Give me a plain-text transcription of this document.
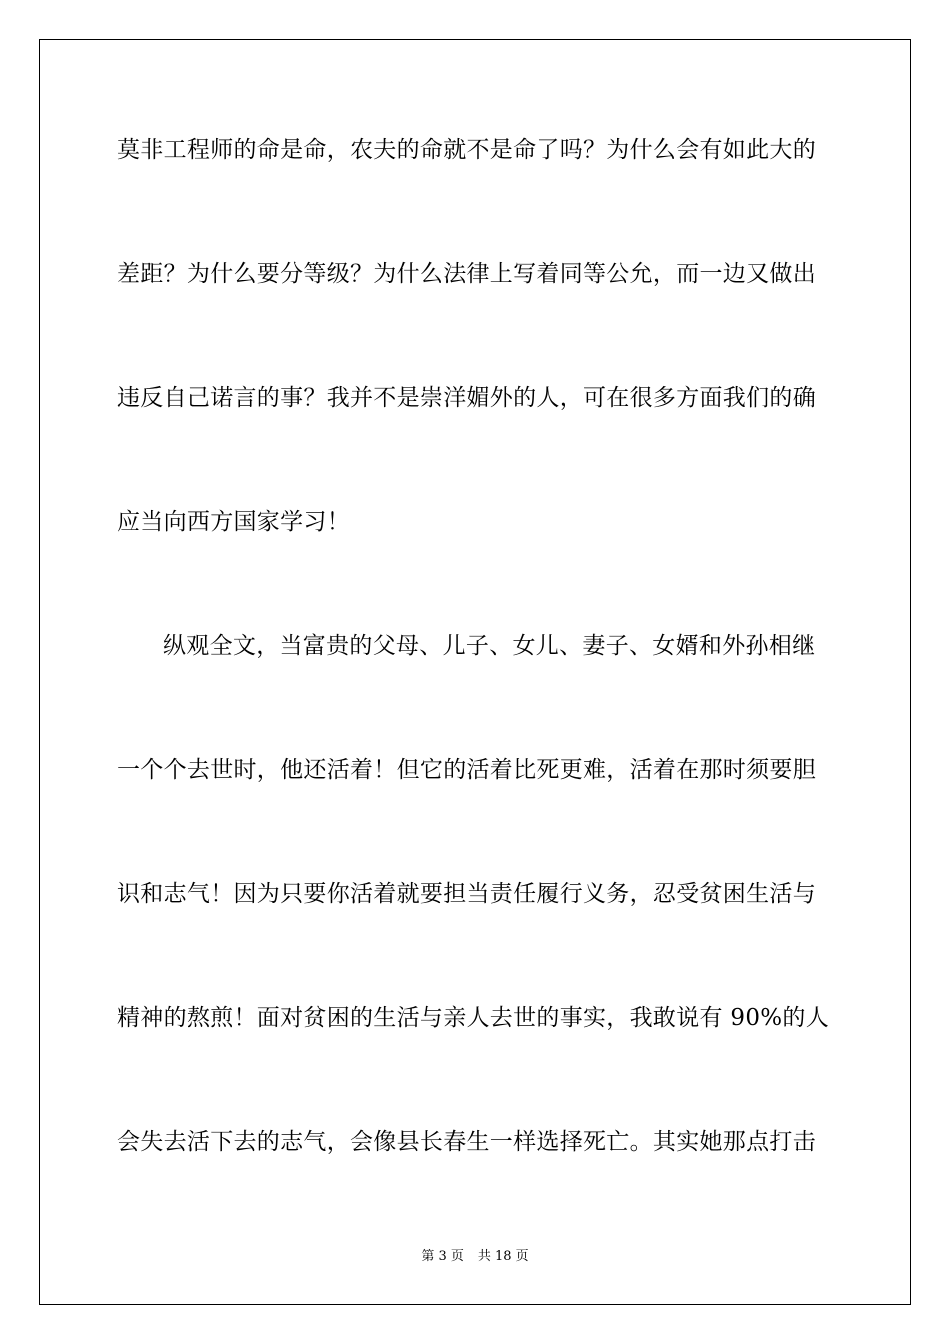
莫非工程师的命是命，农夫的命就不是命了吗？为什么会有如此大的
差距？为什么要分等级？为什么法律上写着同等公允，而一边又做出
违反自己诺言的事？我并不是崇洋媚外的人，可在很多方面我们的确
应当向西方国家学习！
纵观全文，当富贵的父母、儿子、女儿、妻子、女婿和外孙相继
一个个去世时，他还活着！但它的活着比死更难，活着在那时须要胆
识和志气！因为只要你活着就要担当责任履行义务，忍受贫困生活与
精神的熬煎！面对贫困的生活与亲人去世的事实，我敢说有 90%的人
会失去活下去的志气，会像县长春生一样选择死亡。其实她那点打击
第 3 页 共 18 页
